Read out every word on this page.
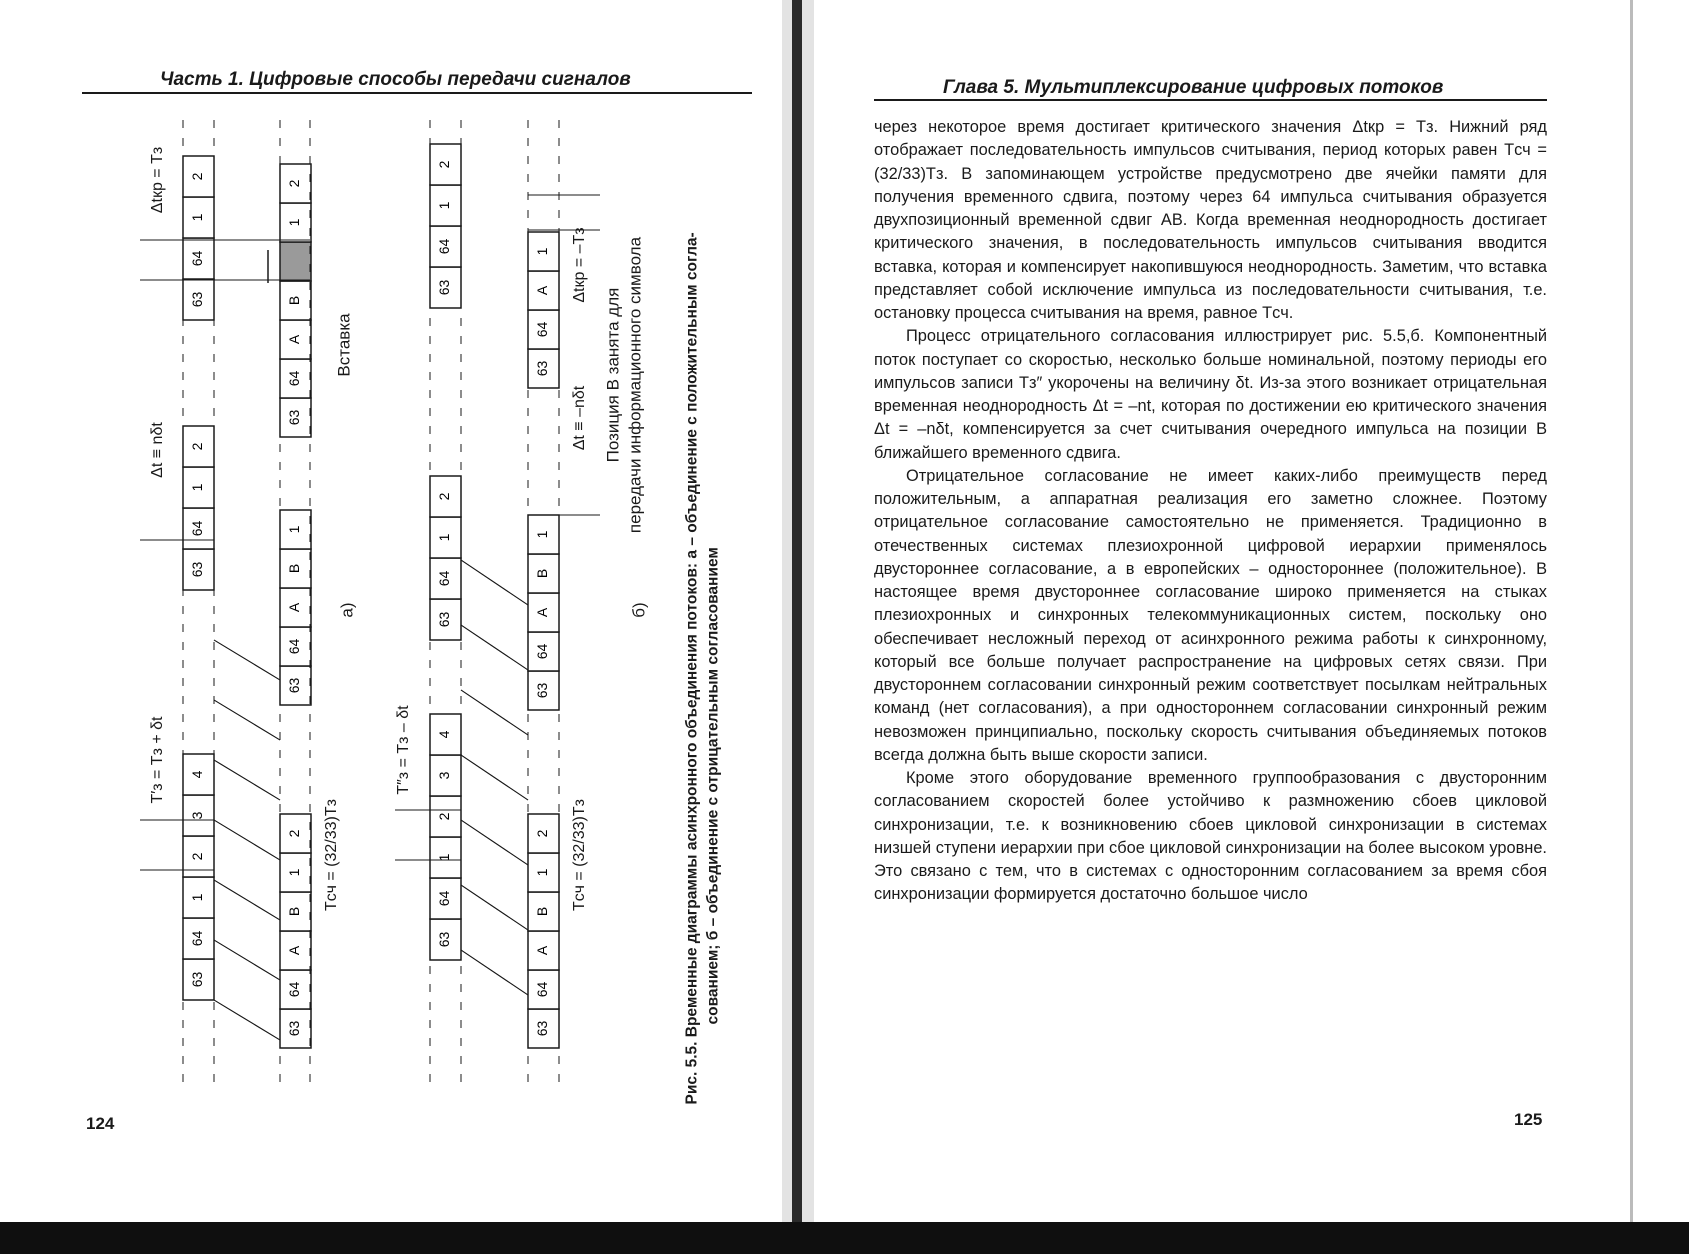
Часть 1. Цифровые способы передачи сигналов
63
64
1
2
3
4
63
64
1
2
63
64
1
2
63
64
А
В
1
2
63
64
А
В
1
63
64
А
В
1
2
63
64
1
2
3
4
63
64
1
2
63
64
1
2
63
64
А
В
1
2
63
64
А
В
1
63
64
А
1
T′з = Tз + δt
Δt ≡ nδt
Δtкр = Tз
Tсч = (32/33)Tз
Вставка
а)
T″з = Tз – δt
Tсч = (32/33)Tз
Δt ≡ –nδt
Δtкр = –Tз
Позиция В занята для передачи информационного символа
б) Рис. 5.5. Временные диаграммы асинхронного объединения потоков: а – объединение с положительным согла- сованием; б – объединение с отрицательным согласованием
124
Глава 5. Мультиплексирование цифровых потоков

через некоторое время достигает критического значения Δtкр = Tз. Нижний ряд отображает последовательность импульсов считывания, период которых равен Tсч = (32/33)Tз. В запоминающем устройстве предусмотрено две ячейки памяти для получения временного сдвига, поэтому через 64 импульса считывания образуется двухпозиционный временной сдвиг АВ. Когда временная неоднородность достигает критического значения, в последовательность импульсов считывания вводится вставка, которая и компенсирует накопившуюся неоднородность. Заметим, что вставка представляет собой исключение импульса из последовательности считывания, т.е. остановку процесса считывания на время, равное Tсч.

Процесс отрицательного согласования иллюстрирует рис. 5.5,б. Компонентный поток поступает со скоростью, несколько больше номинальной, поэтому периоды его импульсов записи Tз″ укорочены на величину δt. Из-за этого возникает отрицательная временная неоднородность Δt = –nt, которая по достижении ею критического значения Δt = –nδt, компенсируется за счет считывания очередного импульса на позиции В ближайшего временного сдвига.

Отрицательное согласование не имеет каких-либо преимуществ перед положительным, а аппаратная реализация его заметно сложнее. Поэтому отрицательное согласование самостоятельно не применяется. Традиционно в отечественных системах плезиохронной цифровой иерархии применялось двустороннее согласование, а в европейских – одностороннее (положительное). В настоящее время двустороннее согласование широко применяется на стыках плезиохронных и синхронных телекоммуникационных систем, поскольку оно обеспечивает несложный переход от асинхронного режима работы к синхронному, который все больше получает распространение на цифровых сетях связи. При двустороннем согласовании синхронный режим соответствует посылкам нейтральных команд (нет согласования), а при одностороннем согласовании синхронный режим невозможен принципиально, поскольку скорость считывания объединяемых потоков всегда должна быть выше скорости записи.

Кроме этого оборудование временного группообразования с двусторонним согласованием скоростей более устойчиво к размножению сбоев цикловой синхронизации, т.е. к возникновению сбоев цикловой синхронизации в системах низшей ступени иерархии при сбое цикловой синхронизации на более высоком уровне. Это связано с тем, что в системах с односторонним согласованием за время сбоя синхронизации формируется достаточно большое число

125
